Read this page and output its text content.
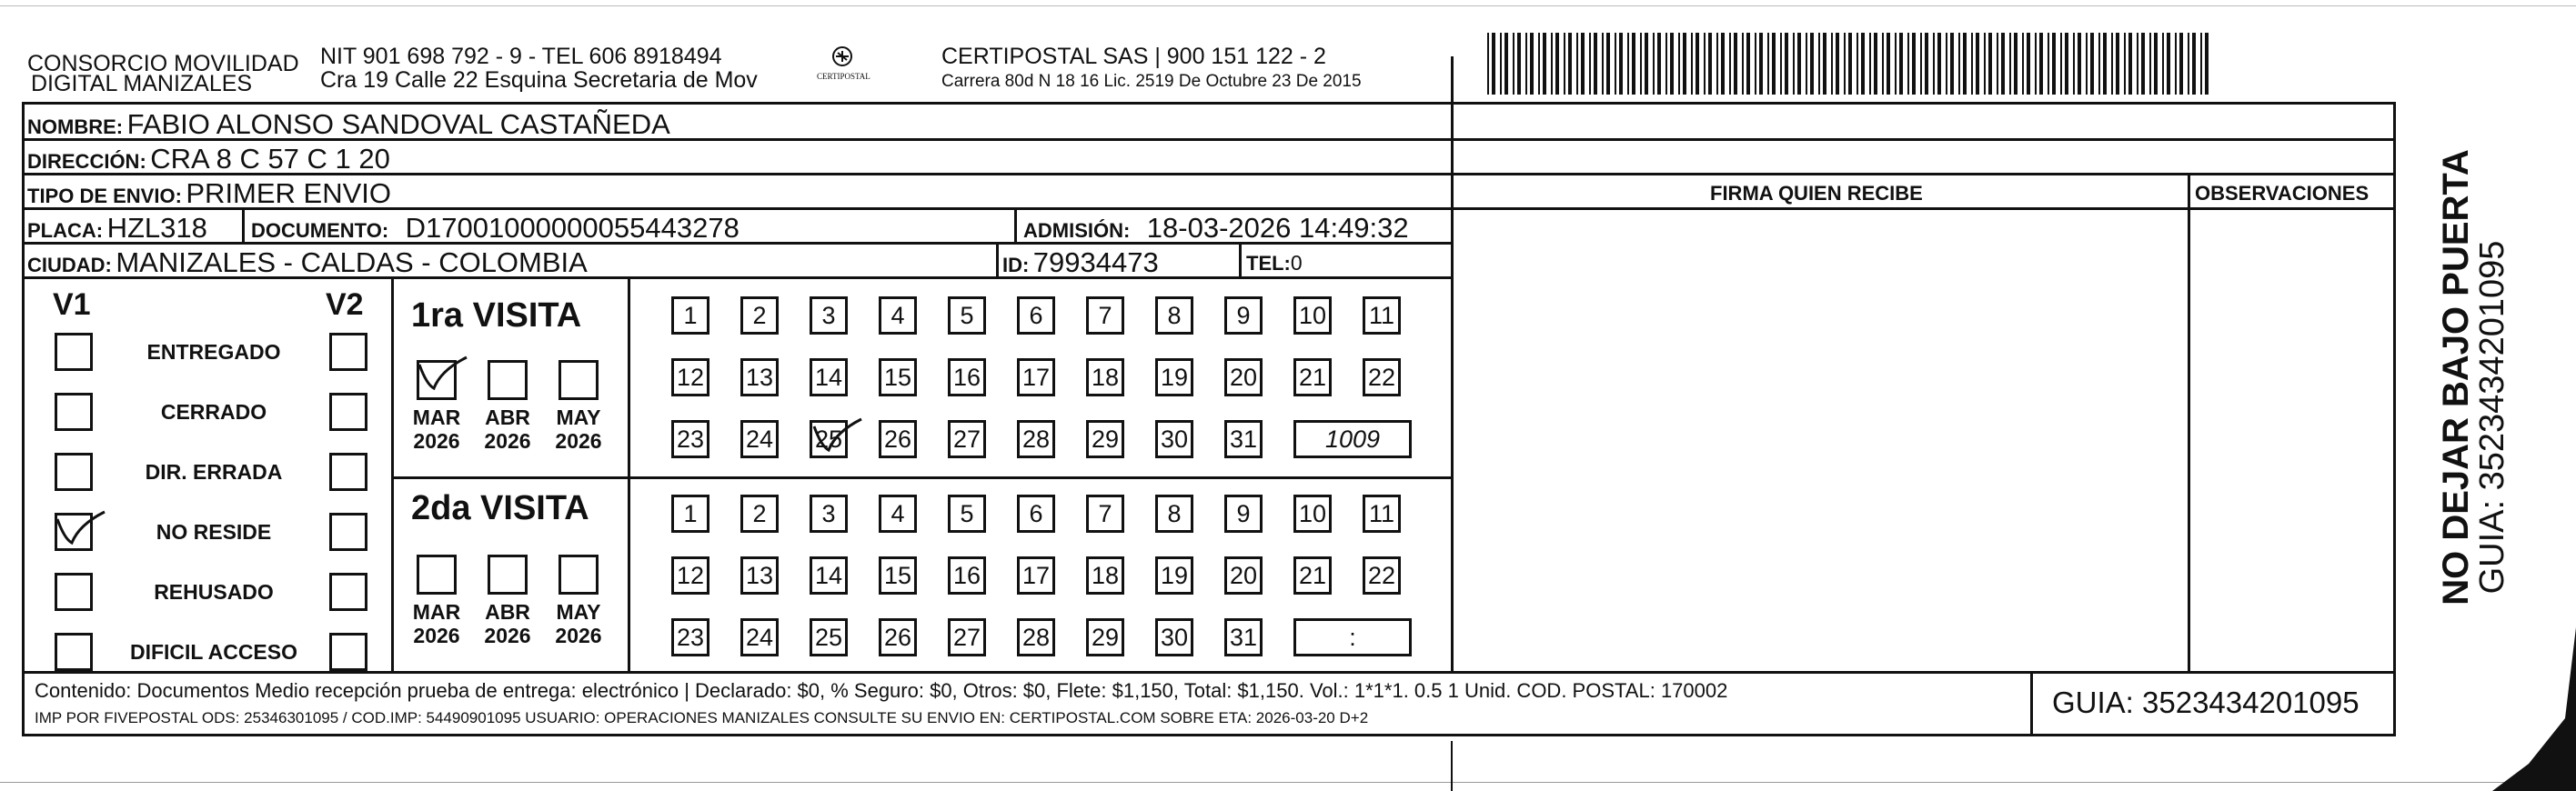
CONSORCIO MOVILIDAD
DIGITAL MANIZALES
NIT 901 698 792 - 9 - TEL 606 8918494
Cra 19 Calle 22 Esquina Secretaria de Mov	CERTIPOSTAL
CERTIPOSTAL SAS | 900 151 122 - 2
Carrera 80d N 18 16 Lic. 2519 De Octubre 23 De 2015
NOMBRE: FABIO ALONSO SANDOVAL CASTAÑEDA
DIRECCIÓN: CRA 8 C 57 C 1 20
TIPO DE ENVIO: PRIMER ENVIO
PLACA: HZL318 DOCUMENTO: D17001000000055443278	ADMISIÓN: 18-03-2026 14:49:32
CIUDAD: MANIZALES - CALDAS - COLOMBIA	ID: 79934473	TEL:0
FIRMA QUIEN RECIBE	OBSERVACIONES NO DEJAR BAJO PUERTA
GUIA: 3523434201095
V1	V2 1ra VISITA
2da VISITA
Contenido: Documentos Medio recepción prueba de entrega: electrónico | Declarado: $0, % Seguro: $0, Otros: $0, Flete: $1,150, Total: $1,150. Vol.: 1*1*1. 0.5 1 Unid. COD. POSTAL: 170002
IMP POR FIVEPOSTAL ODS: 25346301095 / COD.IMP: 54490901095 USUARIO: OPERACIONES MANIZALES CONSULTE SU ENVIO EN: CERTIPOSTAL.COM SOBRE ETA: 2026-03-20 D+2	GUIA: 3523434201095
ENTREGADO
CERRADO
DIR. ERRADA
NO RESIDE
REHUSADO
DIFICIL ACCESO
MAR
2026
ABR
2026
MAY
2026
MAR
2026
ABR
2026
MAY
2026
1	2	3	4	5	6	7	8	9	10 11
12 13 14 15 16 17 18 19 20 21 22
23 24 25 26 27 28 29 30 31	1009
1	2	3	4	5	6	7	8	9	10 11
12 13 14 15 16 17 18 19 20 21 22
23 24 25 26 27 28 29 30 31	:
